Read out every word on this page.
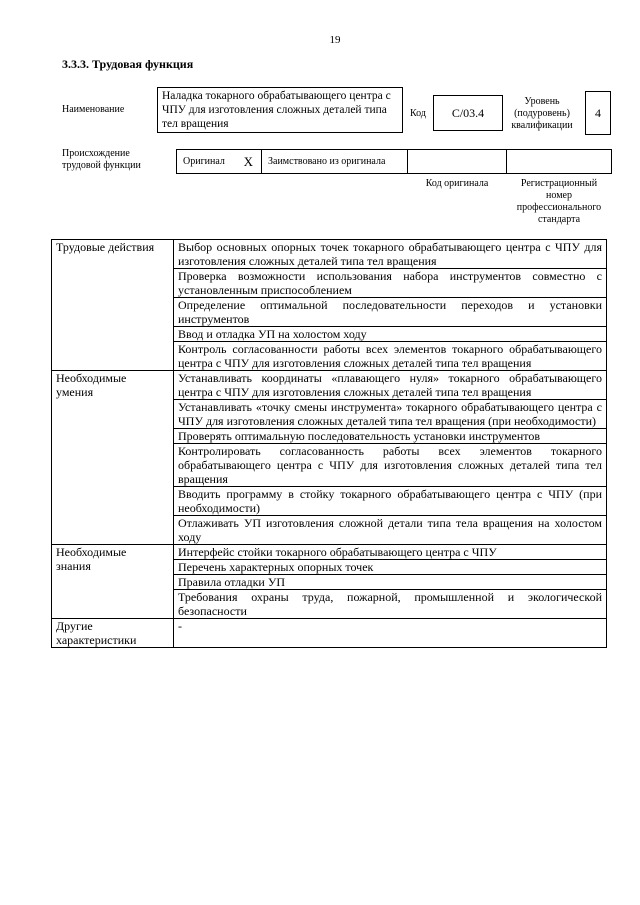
19
3.3.3. Трудовая функция
Наименование
Наладка токарного обрабатывающего центра с ЧПУ для изготовления сложных деталей типа тел вращения
Код	С/03.4
Уровень
(подуровень)
квалификации
4
Происхождение
трудовой функции	Оригинал X	Заимствовано из оригинала
Код оригинала	Регистрационный
номер
профессионального
стандарта
Трудовые действия	Выбор основных опорных точек токарного обрабатывающего центра с ЧПУ для изготовления сложных деталей типа тел вращения
	Проверка возможности использования набора инструментов совместно с установленным приспособлением
	Определение оптимальной последовательности переходов и установки инструментов
	Ввод и отладка УП на холостом ходу
	Контроль согласованности работы всех элементов токарного обрабатывающего центра с ЧПУ для изготовления сложных деталей типа тел вращения

Необходимые
умения	Устанавливать координаты «плавающего нуля» токарного обрабатывающего центра с ЧПУ для изготовления сложных деталей типа тел вращения
	Устанавливать «точку смены инструмента» токарного обрабатывающего центра с ЧПУ для изготовления сложных деталей типа тел вращения (при необходимости)
	Проверять оптимальную последовательность установки инструментов
	Контролировать согласованность работы всех элементов токарного обрабатывающего центра с ЧПУ для изготовления сложных деталей типа тел вращения
	Вводить программу в стойку токарного обрабатывающего центра с ЧПУ (при необходимости)
	Отлаживать УП изготовления сложной детали типа тела вращения на холостом ходу

Необходимые
знания	Интерфейс стойки токарного обрабатывающего центра с ЧПУ
	Перечень характерных опорных точек
	Правила отладки УП
	Требования охраны труда, пожарной, промышленной и экологической безопасности

Другие
характеристики	-
